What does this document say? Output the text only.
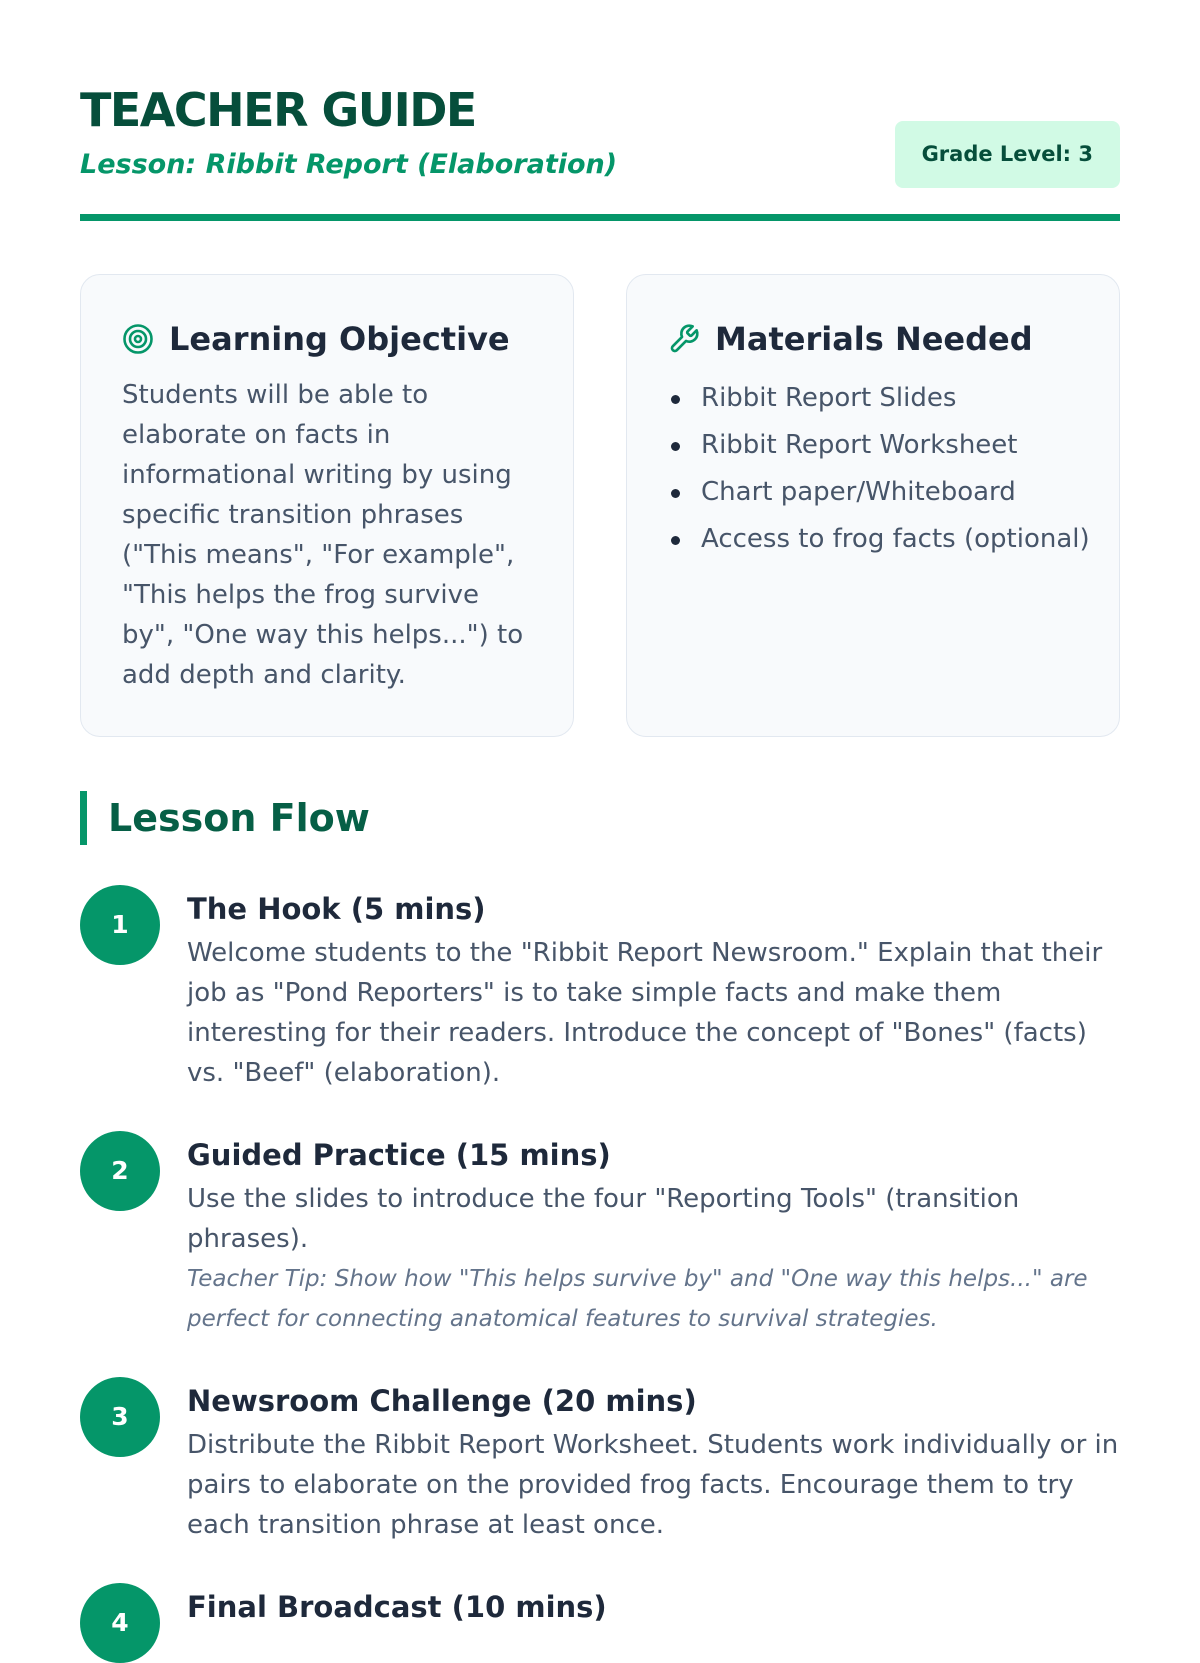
TEACHER GUIDE
Lesson: Ribbit Report (Elaboration)	Grade Level: 3
Learning Objective
Students will be able to elaborate on facts in informational writing by using specific transition phrases ("This means", "For example", "This helps the frog survive by", "One way this helps...") to add depth and clarity.
Materials Needed
Ribbit Report Slides
Ribbit Report Worksheet
Chart paper/Whiteboard
Access to frog facts (optional)
Lesson Flow
1	The Hook (5 mins)
Welcome students to the "Ribbit Report Newsroom." Explain that their job as "Pond Reporters" is to take simple facts and make them interesting for their readers. Introduce the concept of "Bones" (facts) vs. "Beef" (elaboration).
2	Guided Practice (15 mins)
Use the slides to introduce the four "Reporting Tools" (transition phrases).
Teacher Tip: Show how "This helps survive by" and "One way this helps..." are perfect for connecting anatomical features to survival strategies.
3	Newsroom Challenge (20 mins)
Distribute the Ribbit Report Worksheet. Students work individually or in pairs to elaborate on the provided frog facts. Encourage them to try each transition phrase at least once.
4	Final Broadcast (10 mins)
